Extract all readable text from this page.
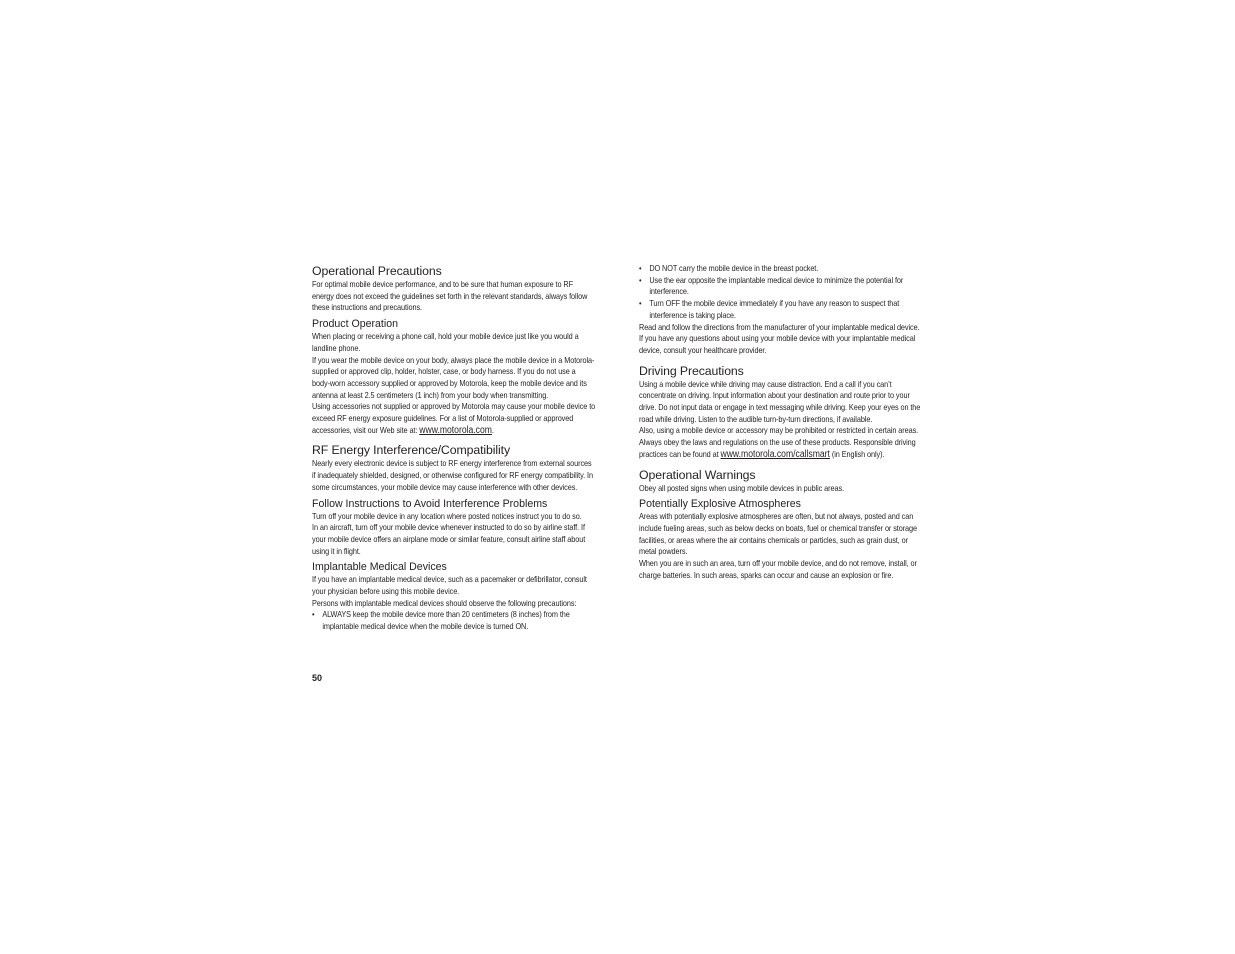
Operational Precautions

For optimal mobile device performance, and to be sure that human exposure to RF energy does not exceed the guidelines set forth in the relevant standards, always follow these instructions and precautions.

Product Operation

When placing or receiving a phone call, hold your mobile device just like you would a landline phone.

If you wear the mobile device on your body, always place the mobile device in a Motorola-supplied or approved clip, holder, holster, case, or body harness. If you do not use a body-worn accessory supplied or approved by Motorola, keep the mobile device and its antenna at least 2.5 centimeters (1 inch) from your body when transmitting.

Using accessories not supplied or approved by Motorola may cause your mobile device to exceed RF energy exposure guidelines. For a list of Motorola-supplied or approved accessories, visit our Web site at: www.motorola.com.

RF Energy Interference/Compatibility

Nearly every electronic device is subject to RF energy interference from external sources if inadequately shielded, designed, or otherwise configured for RF energy compatibility. In some circumstances, your mobile device may cause interference with other devices.

Follow Instructions to Avoid Interference Problems

Turn off your mobile device in any location where posted notices instruct you to do so.

In an aircraft, turn off your mobile device whenever instructed to do so by airline staff. If your mobile device offers an airplane mode or similar feature, consult airline staff about using it in flight.

Implantable Medical Devices

If you have an implantable medical device, such as a pacemaker or defibrillator, consult your physician before using this mobile device.

Persons with implantable medical devices should observe the following precautions:

• ALWAYS keep the mobile device more than 20 centimeters (8 inches) from the implantable medical device when the mobile device is turned ON.
• DO NOT carry the mobile device in the breast pocket.
• Use the ear opposite the implantable medical device to minimize the potential for interference.
• Turn OFF the mobile device immediately if you have any reason to suspect that interference is taking place.

Read and follow the directions from the manufacturer of your implantable medical device. If you have any questions about using your mobile device with your implantable medical device, consult your healthcare provider.

Driving Precautions

Using a mobile device while driving may cause distraction. End a call if you can’t concentrate on driving. Input information about your destination and route prior to your drive. Do not input data or engage in text messaging while driving. Keep your eyes on the road while driving. Listen to the audible turn-by-turn directions, if available.

Also, using a mobile device or accessory may be prohibited or restricted in certain areas. Always obey the laws and regulations on the use of these products. Responsible driving practices can be found at www.motorola.com/callsmart (in English only).

Operational Warnings

Obey all posted signs when using mobile devices in public areas.

Potentially Explosive Atmospheres

Areas with potentially explosive atmospheres are often, but not always, posted and can include fueling areas, such as below decks on boats, fuel or chemical transfer or storage facilities, or areas where the air contains chemicals or particles, such as grain dust, or metal powders.

When you are in such an area, turn off your mobile device, and do not remove, install, or charge batteries. In such areas, sparks can occur and cause an explosion or fire.

50
